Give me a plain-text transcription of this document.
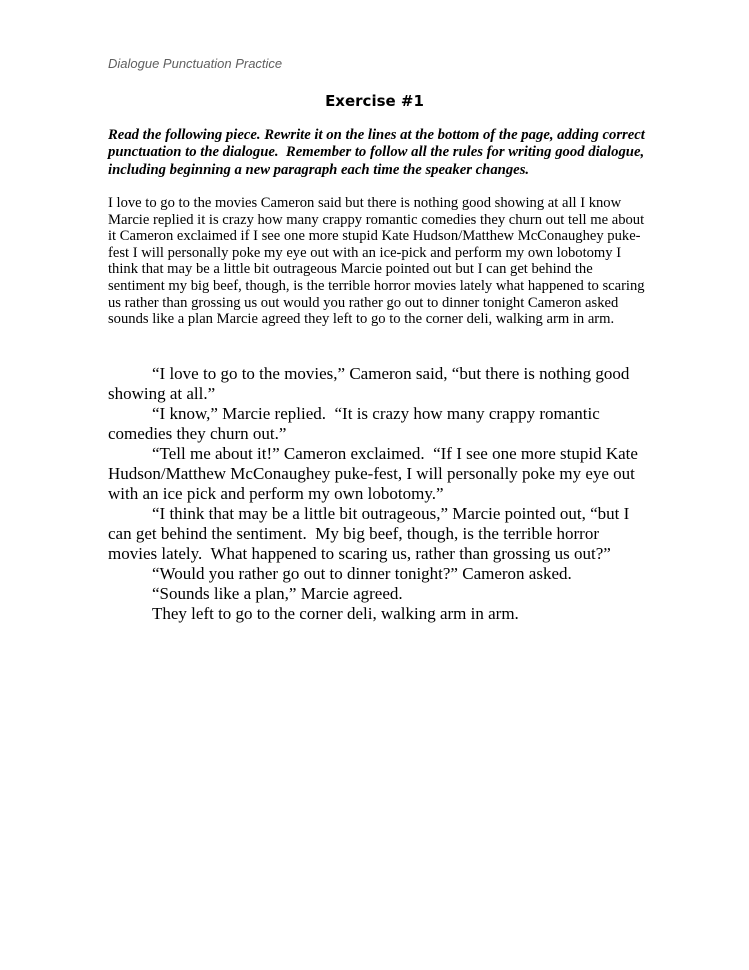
Dialogue Punctuation Practice
Exercise #1
Read the following piece. Rewrite it on the lines at the bottom of the page, adding correct punctuation to the dialogue.  Remember to follow all the rules for writing good dialogue, including beginning a new paragraph each time the speaker changes.
I love to go to the movies Cameron said but there is nothing good showing at all I know Marcie replied it is crazy how many crappy romantic comedies they churn out tell me about it Cameron exclaimed if I see one more stupid Kate Hudson/Matthew McConaughey puke-fest I will personally poke my eye out with an ice-pick and perform my own lobotomy I think that may be a little bit outrageous Marcie pointed out but I can get behind the sentiment my big beef, though, is the terrible horror movies lately what happened to scaring us rather than grossing us out would you rather go out to dinner tonight Cameron asked sounds like a plan Marcie agreed they left to go to the corner deli, walking arm in arm.

“I love to go to the movies,” Cameron said, “but there is nothing good showing at all.”

“I know,” Marcie replied.  “It is crazy how many crappy romantic comedies they churn out.”

“Tell me about it!” Cameron exclaimed.  “If I see one more stupid Kate Hudson/Matthew McConaughey puke-fest, I will personally poke my eye out with an ice pick and perform my own lobotomy.”

“I think that may be a little bit outrageous,” Marcie pointed out, “but I can get behind the sentiment.  My big beef, though, is the terrible horror movies lately.  What happened to scaring us, rather than grossing us out?”

“Would you rather go out to dinner tonight?” Cameron asked.

“Sounds like a plan,” Marcie agreed.

They left to go to the corner deli, walking arm in arm.
